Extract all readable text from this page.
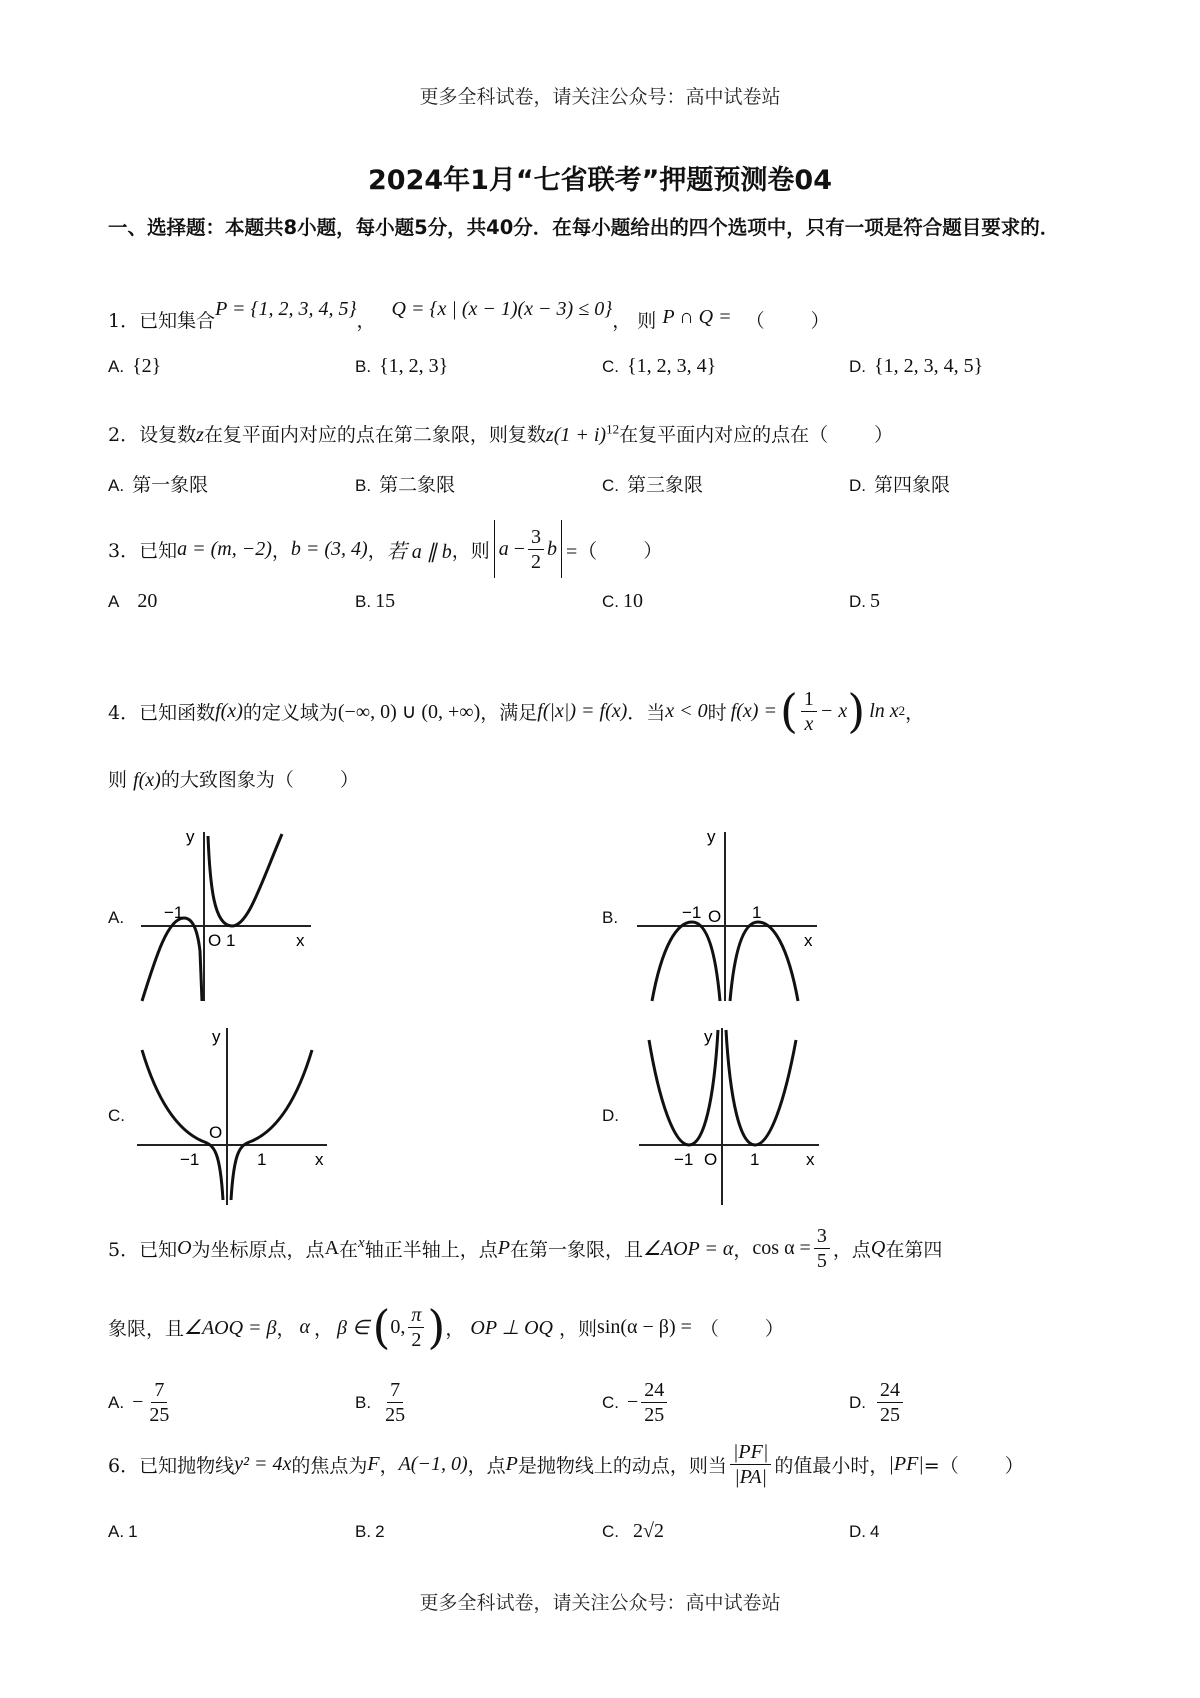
更多全科试卷，请关注公众号：高中试卷站
2024年1月“七省联考”押题预测卷04
一、选择题：本题共8小题，每小题5分，共40分．在每小题给出的四个选项中，只有一项是符合题目要求的．
1．已知集合P = {1, 2, 3, 4, 5}， Q = {x | (x − 1)(x − 3) ≤ 0}， 则 P ∩ Q = （ ）
A. {2}	B. {1, 2, 3}	C. {1, 2, 3, 4}	D. {1, 2, 3, 4, 5}
2．设复数z在复平面内对应的点在第二象限，则复数$z(1 + i)^{12}$在复平面内对应的点在（ ）
A. 第一象限	B. 第二象限	C. 第三象限	D. 第四象限
3．已知 a = (m, −2) ， b = (3, 4) ， 若 a ∥ b ， 则 $a - \frac{3}{2}$ b =（ ）
A 20	B. 15	C. 10	D. 5
4．已知函数 f(x) 的定义域为 (−∞, 0) ∪ (0, +∞) ， 满足 f(|x|) = f(x) ． 当 x < 0 时 f(x) = ( $\frac{1}{x} - x$ ) ln x 2 ，
则 f(x)的大致图象为（ ）
A.
y
x
O
−1
1
B.
y
x
O
−1	1
C.
y
x
O
−1	1
D.
y
x
O
−1	1
5．已知 O 为坐标原点，点 A 在 x 轴正半轴上，点 P 在第一象限，且 ∠AOP = α ， $\cos \alpha = \frac{3}{5}$ ， 点 Q 在第四
象限，且 ∠AOQ = β ， α ， β ∈ ( 0, $\frac{\pi}{2}$ ) ， OP ⊥ OQ ， 则 sin(α − β) = （ ）
A. − $\frac{7}{25}$	B. $\frac{7}{25}$	C. − $\frac{24}{25}$	D. $\frac{24}{25}$
6．已知抛物线 y² = 4x 的焦点为 F ， A(−1, 0) ， 点 P 是抛物线上的动点，则当 $\frac{|PF|}{|PA|}$ 的值最小时， |PF| =（ ）
A. 1	B. 2	C. 2√2	D. 4
更多全科试卷，请关注公众号：高中试卷站
